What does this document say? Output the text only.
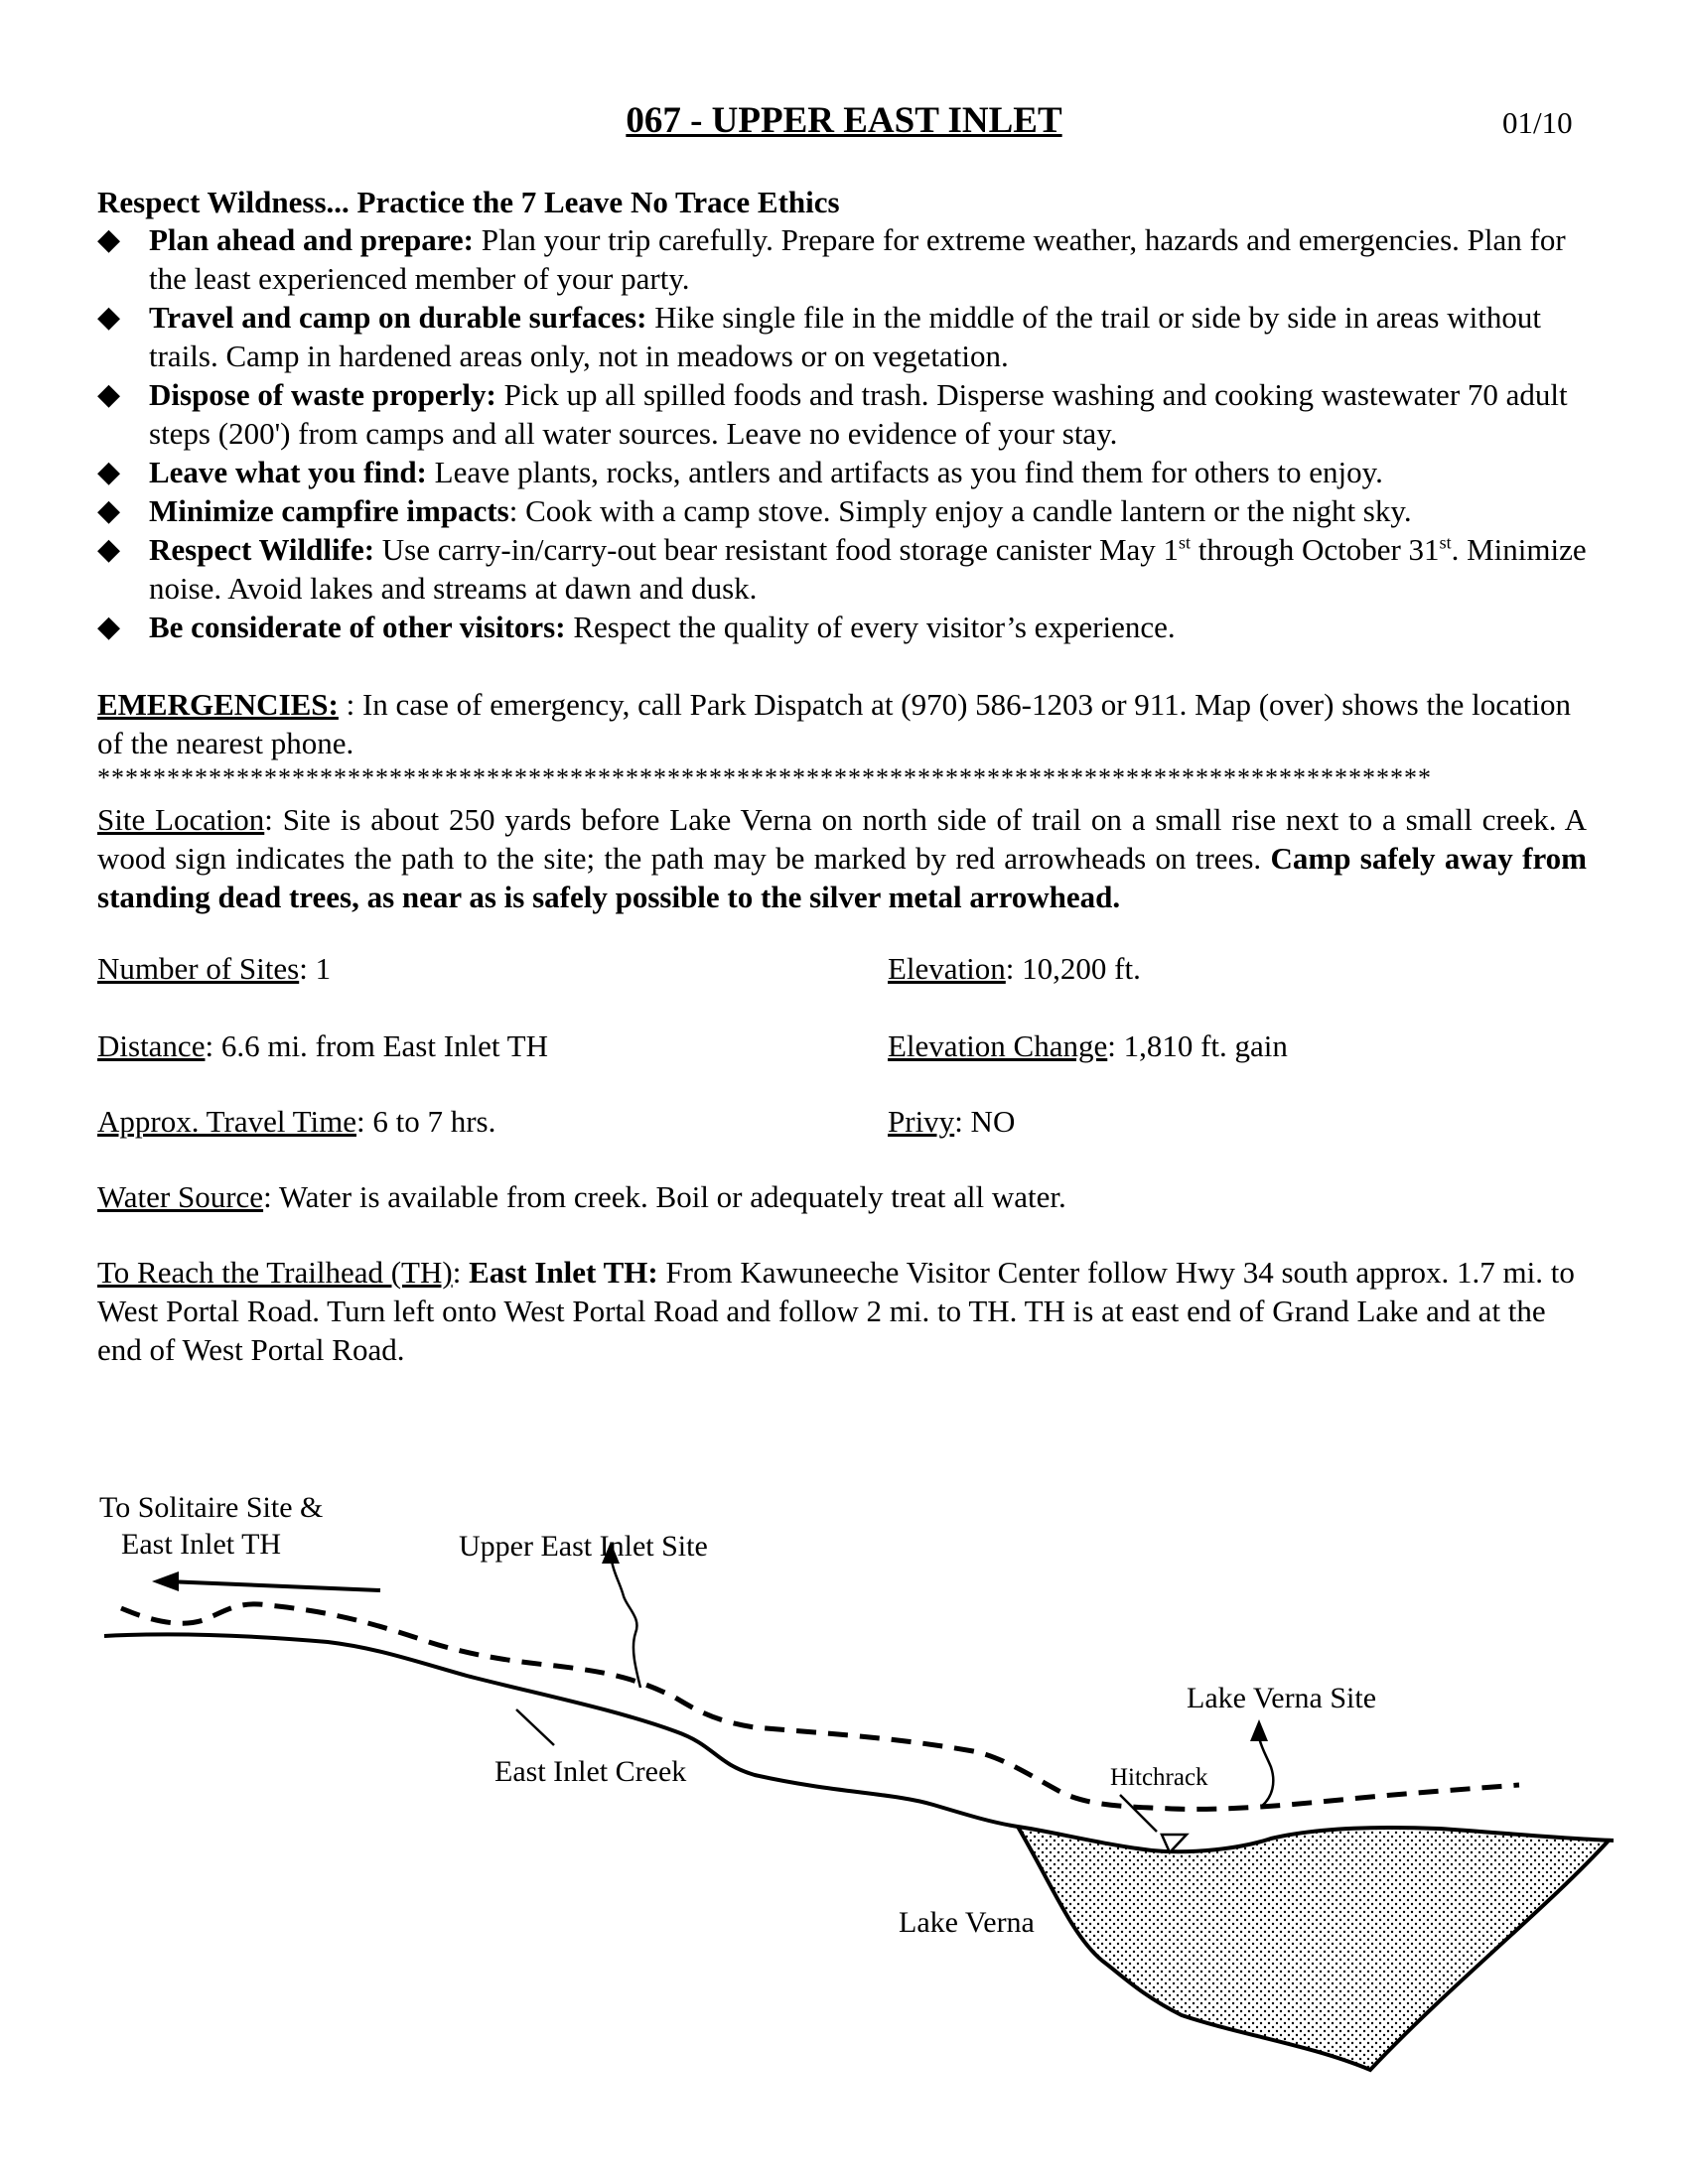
067 - UPPER EAST INLET	01/10
Respect Wildness... Practice the 7 Leave No Trace Ethics
◆ Plan ahead and prepare: Plan your trip carefully. Prepare for extreme weather, hazards and emergencies. Plan for the least experienced member of your party.
◆ Travel and camp on durable surfaces: Hike single file in the middle of the trail or side by side in areas without trails. Camp in hardened areas only, not in meadows or on vegetation.
◆ Dispose of waste properly: Pick up all spilled foods and trash. Disperse washing and cooking wastewater 70 adult steps (200') from camps and all water sources. Leave no evidence of your stay.
◆ Leave what you find: Leave plants, rocks, antlers and artifacts as you find them for others to enjoy.
◆ Minimize campfire impacts: Cook with a camp stove. Simply enjoy a candle lantern or the night sky.
◆ Respect Wildlife: Use carry-in/carry-out bear resistant food storage canister May 1st through October 31st. Minimize noise. Avoid lakes and streams at dawn and dusk.
◆ Be considerate of other visitors: Respect the quality of every visitor’s experience.
EMERGENCIES: : In case of emergency, call Park Dispatch at (970) 586-1203 or 911. Map (over) shows the location of the nearest phone.
************************************************************************************************
Site Location: Site is about 250 yards before Lake Verna on north side of trail on a small rise next to a small creek. A wood sign indicates the path to the site; the path may be marked by red arrowheads on trees. Camp safely away from standing dead trees, as near as is safely possible to the silver metal arrowhead.
Number of Sites: 1	Elevation: 10,200 ft.
Distance: 6.6 mi. from East Inlet TH	Elevation Change: 1,810 ft. gain
Approx. Travel Time: 6 to 7 hrs.	Privy: NO
Water Source: Water is available from creek. Boil or adequately treat all water.
To Reach the Trailhead (TH): East Inlet TH: From Kawuneeche Visitor Center follow Hwy 34 south approx. 1.7 mi. to West Portal Road. Turn left onto West Portal Road and follow 2 mi. to TH. TH is at east end of Grand Lake and at the end of West Portal Road.
To Solitaire Site &
East Inlet TH	Upper East Inlet Site
Lake Verna Site
Hitchrack
East Inlet Creek
Lake Verna
